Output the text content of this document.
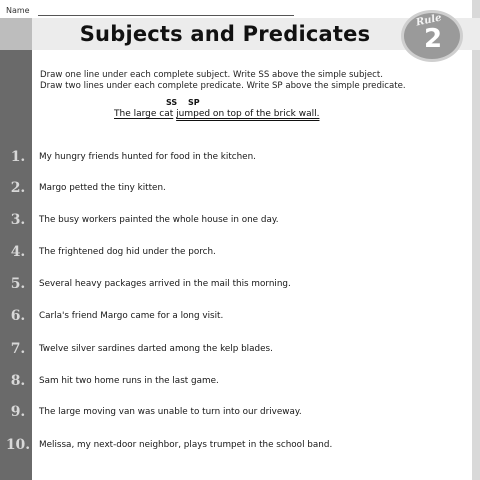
Name
Subjects and Predicates
Rule
2
Draw one line under each complete subject. Write SS above the simple subject.
Draw two lines under each complete predicate. Write SP above the simple predicate.
SS SP
The large cat jumped on top of the brick wall.
1.	My hungry friends hunted for food in the kitchen.
2.	Margo petted the tiny kitten.
3.	The busy workers painted the whole house in one day.
4.	The frightened dog hid under the porch.
5.	Several heavy packages arrived in the mail this morning.
6.	Carla's friend Margo came for a long visit.
7.	Twelve silver sardines darted among the kelp blades.
8.	Sam hit two home runs in the last game.
9.	The large moving van was unable to turn into our driveway.
10.	Melissa, my next-door neighbor, plays trumpet in the school band.
